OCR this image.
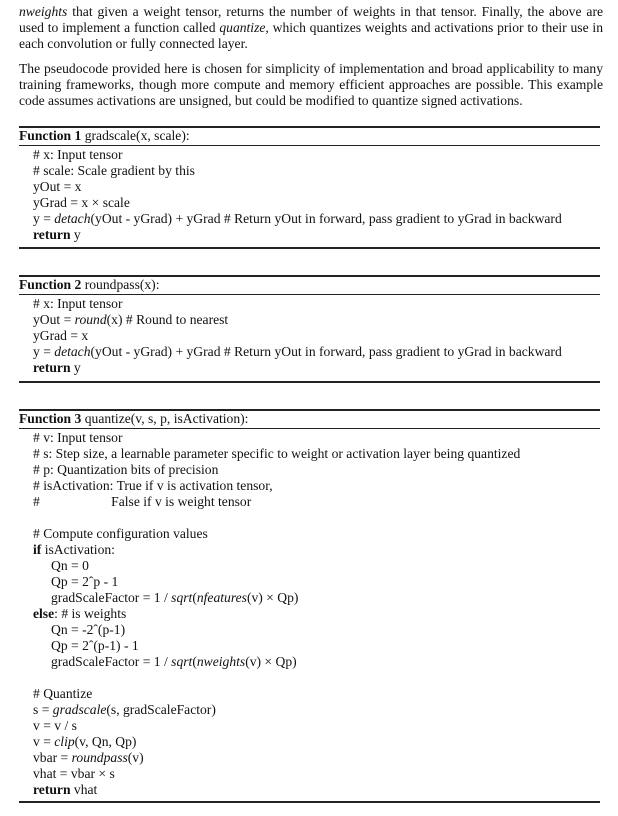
nweights that given a weight tensor, returns the number of weights in that tensor. Finally, the above are used to implement a function called quantize, which quantizes weights and activations prior to their use in each convolution or fully connected layer.

The pseudocode provided here is chosen for simplicity of implementation and broad applicability to many training frameworks, though more compute and memory efficient approaches are possible. This example code assumes activations are unsigned, but could be modified to quantize signed activations.

Function 1 gradscale(x, scale):
# x: Input tensor
# scale: Scale gradient by this
yOut = x
yGrad = x × scale
y = detach(yOut - yGrad) + yGrad # Return yOut in forward, pass gradient to yGrad in backward
return y
Function 2 roundpass(x):
# x: Input tensor
yOut = round(x) # Round to nearest
yGrad = x
y = detach(yOut - yGrad) + yGrad # Return yOut in forward, pass gradient to yGrad in backward
return y
Function 3 quantize(v, s, p, isActivation):
# v: Input tensor
# s: Step size, a learnable parameter specific to weight or activation layer being quantized
# p: Quantization bits of precision
# isActivation: True if v is activation tensor,
#                     False if v is weight tensor
# Compute configuration values
if isActivation:
Qn = 0
Qp = 2ˆp - 1
gradScaleFactor = 1 / sqrt(nfeatures(v) × Qp)
else: # is weights
Qn = -2ˆ(p-1)
Qp = 2ˆ(p-1) - 1
gradScaleFactor = 1 / sqrt(nweights(v) × Qp)
# Quantize
s = gradscale(s, gradScaleFactor)
v = v / s
v = clip(v, Qn, Qp)
vbar = roundpass(v)
vhat = vbar × s
return vhat
